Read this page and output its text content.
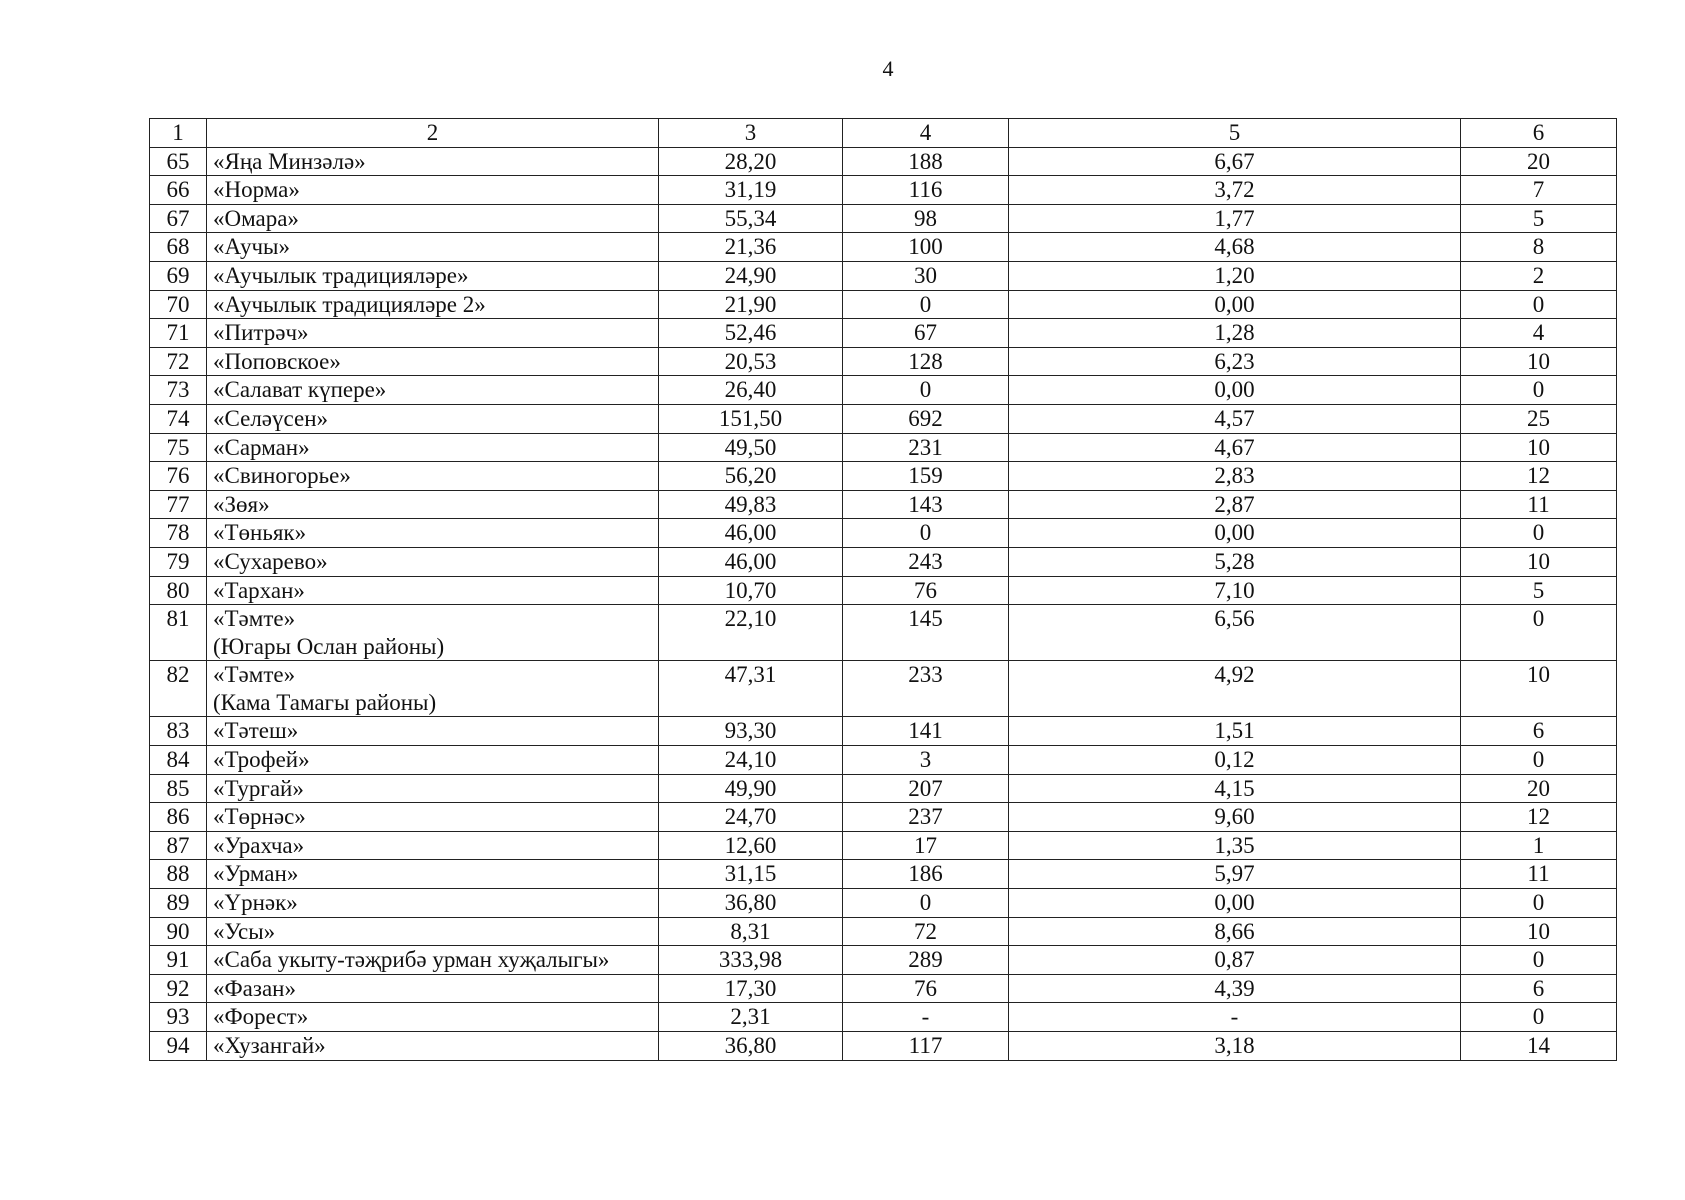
4
1	2	3	4	5	6
65	«Яңа Минзәлә»	28,20	188	6,67	20
66	«Норма»	31,19	116	3,72	7
67	«Омара»	55,34	98	1,77	5
68	«Аучы»	21,36	100	4,68	8
69	«Аучылык традицияләре»	24,90	30	1,20	2
70	«Аучылык традицияләре 2»	21,90	0	0,00	0
71	«Питрәч»	52,46	67	1,28	4
72	«Поповское»	20,53	128	6,23	10
73	«Салават күпере»	26,40	0	0,00	0
74	«Селәүсен»	151,50	692	4,57	25
75	«Сарман»	49,50	231	4,67	10
76	«Свиногорье»	56,20	159	2,83	12
77	«Зөя»	49,83	143	2,87	11
78	«Төньяк»	46,00	0	0,00	0
79	«Сухарево»	46,00	243	5,28	10
80	«Тархан»	10,70	76	7,10	5
81	«Тәмте»
(Югары Ослан районы)	22,10	145	6,56	0
82	«Тәмте»
(Кама Тамагы районы)	47,31	233	4,92	10
83	«Тәтеш»	93,30	141	1,51	6
84	«Трофей»	24,10	3	0,12	0
85	«Тургай»	49,90	207	4,15	20
86	«Төрнәс»	24,70	237	9,60	12
87	«Урахча»	12,60	17	1,35	1
88	«Урман»	31,15	186	5,97	11
89	«Үрнәк»	36,80	0	0,00	0
90	«Усы»	8,31	72	8,66	10
91	«Саба укыту-тәҗрибә урман хуҗалыгы»	333,98	289	0,87	0
92	«Фазан»	17,30	76	4,39	6
93	«Форест»	2,31	-	-	0
94	«Хузангай»	36,80	117	3,18	14
